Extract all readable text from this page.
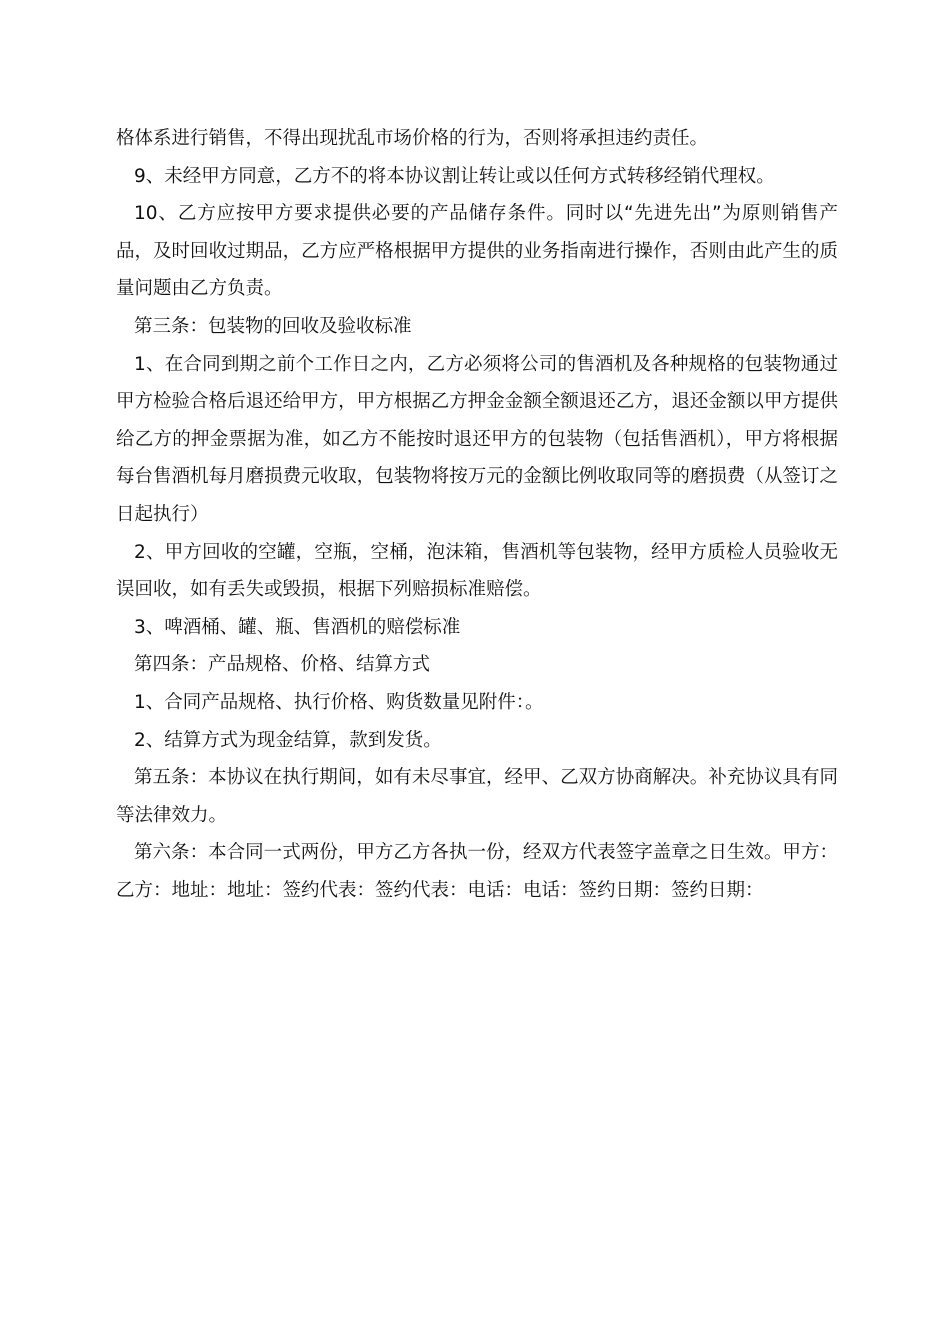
格体系进行销售，不得出现扰乱市场价格的行为，否则将承担违约责任。

9、未经甲方同意，乙方不的将本协议割让转让或以任何方式转移经销代理权。

10、乙方应按甲方要求提供必要的产品储存条件。同时以“先进先出”为原则销售产品，及时回收过期品，乙方应严格根据甲方提供的业务指南进行操作，否则由此产生的质量问题由乙方负责。

第三条：包装物的回收及验收标准

1、在合同到期之前个工作日之内，乙方必须将公司的售酒机及各种规格的包装物通过甲方检验合格后退还给甲方，甲方根据乙方押金金额全额退还乙方，退还金额以甲方提供给乙方的押金票据为准，如乙方不能按时退还甲方的包装物（包括售酒机），甲方将根据每台售酒机每月磨损费元收取，包装物将按万元的金额比例收取同等的磨损费（从签订之日起执行）

2、甲方回收的空罐，空瓶，空桶，泡沫箱，售酒机等包装物，经甲方质检人员验收无误回收，如有丢失或毁损，根据下列赔损标准赔偿。

3、啤酒桶、罐、瓶、售酒机的赔偿标准

第四条：产品规格、价格、结算方式

1、合同产品规格、执行价格、购货数量见附件：。

2、结算方式为现金结算，款到发货。

第五条：本协议在执行期间，如有未尽事宜，经甲、乙双方协商解决。补充协议具有同等法律效力。

第六条：本合同一式两份，甲方乙方各执一份，经双方代表签字盖章之日生效。甲方：乙方：地址：地址：签约代表：签约代表：电话：电话：签约日期：签约日期：
